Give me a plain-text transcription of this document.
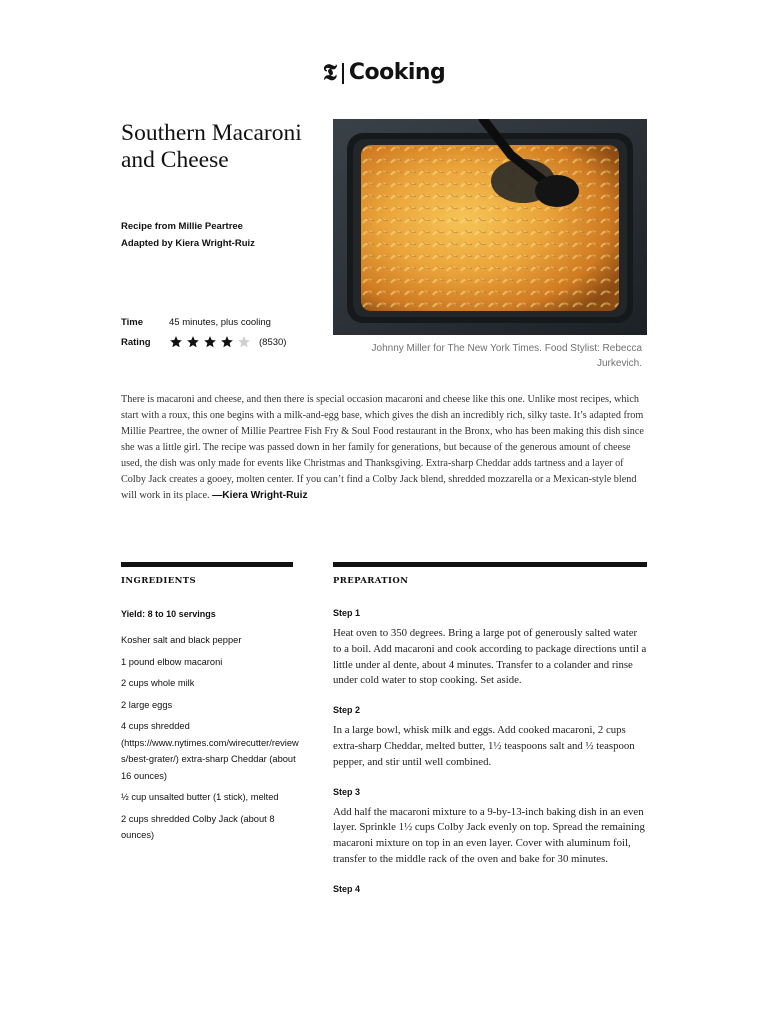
𝕿 Cooking
Southern Macaroni and Cheese
Recipe from Millie Peartree
Adapted by Kiera Wright-Ruiz
Time	45 minutes, plus cooling
Rating	(8530)
Johnny Miller for The New York Times. Food Stylist: Rebecca Jurkevich.

There is macaroni and cheese, and then there is special occasion macaroni and cheese like this one. Unlike most recipes, which start with a roux, this one begins with a milk-and-egg base, which gives the dish an incredibly rich, silky taste. It’s adapted from Millie Peartree, the owner of Millie Peartree Fish Fry & Soul Food restaurant in the Bronx, who has been making this dish since she was a little girl. The recipe was passed down in her family for generations, but because of the generous amount of cheese used, the dish was only made for events like Christmas and Thanksgiving. Extra-sharp Cheddar adds tartness and a layer of Colby Jack creates a gooey, molten center. If you can’t find a Colby Jack blend, shredded mozzarella or a Mexican-style blend will work in its place. —Kiera Wright-Ruiz

INGREDIENTS	PREPARATION
Yield: 8 to 10 servings
Kosher salt and black pepper
1 pound elbow macaroni
2 cups whole milk
2 large eggs
4 cups shredded (https://www.nytimes.com/wirecutter/reviews/best-grater/) extra-sharp Cheddar (about 16 ounces)
½ cup unsalted butter (1 stick), melted
2 cups shredded Colby Jack (about 8 ounces)
Step 1
Heat oven to 350 degrees. Bring a large pot of generously salted water to a boil. Add macaroni and cook according to package directions until a little under al dente, about 4 minutes. Transfer to a colander and rinse under cold water to stop cooking. Set aside.
Step 2
In a large bowl, whisk milk and eggs. Add cooked macaroni, 2 cups extra-sharp Cheddar, melted butter, 1½ teaspoons salt and ½ teaspoon pepper, and stir until well combined.
Step 3
Add half the macaroni mixture to a 9-by-13-inch baking dish in an even layer. Sprinkle 1½ cups Colby Jack evenly on top. Spread the remaining macaroni mixture on top in an even layer. Cover with aluminum foil, transfer to the middle rack of the oven and bake for 30 minutes.
Step 4
